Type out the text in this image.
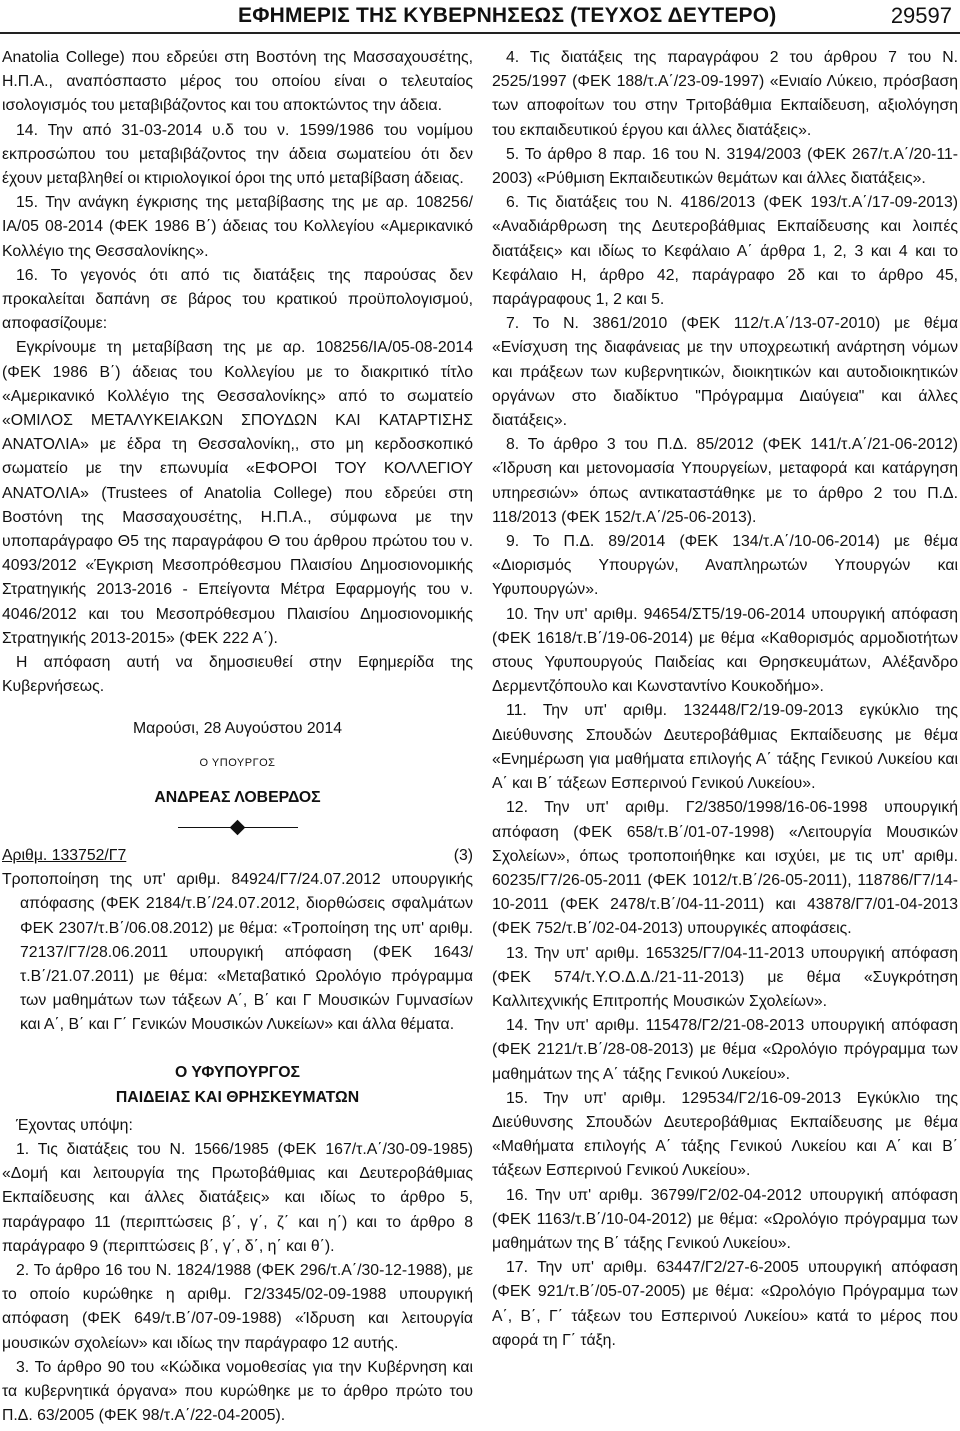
ΕΦΗΜΕΡΙΣ ΤΗΣ ΚΥΒΕΡΝΗΣΕΩΣ (ΤΕΥΧΟΣ ΔΕΥΤΕΡΟ)	29597

Anatolia College) που εδρεύει στη Βοστόνη της Μασσαχουσέτης, Η.Π.Α., αναπόσπαστο μέρος του οποίου είναι ο τελευταίος ισολογισμός του μεταβιβάζοντος και του αποκτώντος την άδεια.

14. Την από 31-03-2014 υ.δ του ν. 1599/1986 του νομίμου εκπροσώπου του μεταβιβάζοντος την άδεια σωματείου ότι δεν έχουν μεταβληθεί οι κτιριολογικοί όροι της υπό μεταβίβαση άδειας.

15. Την ανάγκη έγκρισης της μεταβίβασης της με αρ. 108256/ΙΑ/05 08-2014 (ΦΕΚ 1986 Β΄) άδειας του Κολλεγίου «Αμερικανικό Κολλέγιο της Θεσσαλονίκης».

16. Το γεγονός ότι από τις διατάξεις της παρούσας δεν προκαλείται δαπάνη σε βάρος του κρατικού προϋπολογισμού, αποφασίζουμε:

Εγκρίνουμε τη μεταβίβαση της με αρ. 108256/ΙΑ/05-08-2014 (ΦΕΚ 1986 Β΄) άδειας του Κολλεγίου με το διακριτικό τίτλο «Αμερικανικό Κολλέγιο της Θεσσαλονίκης» από το σωματείο «ΟΜΙΛΟΣ ΜΕΤΑΛΥΚΕΙΑΚΩΝ ΣΠΟΥΔΩΝ ΚΑΙ ΚΑΤΑΡΤΙΣΗΣ ΑΝΑΤΟΛΙΑ» με έδρα τη Θεσσαλονίκη,, στο μη κερδοσκοπικό σωματείο με την επωνυμία «ΕΦΟΡΟΙ ΤΟΥ ΚΟΛΛΕΓΙΟΥ ΑΝΑΤΟΛΙΑ» (Trustees of Anatolia College) που εδρεύει στη Βοστόνη της Μασσαχουσέτης, Η.Π.Α., σύμφωνα με την υποπαράγραφο Θ5 της παραγράφου Θ του άρθρου πρώτου του ν. 4093/2012 «Έγκριση Μεσοπρόθεσμου Πλαισίου Δημοσιονομικής Στρατηγικής 2013-2016 - Επείγοντα Μέτρα Εφαρμογής του ν. 4046/2012 και του Μεσοπρόθεσμου Πλαισίου Δημοσιονομικής Στρατηγικής 2013-2015» (ΦΕΚ 222 Α΄).

Η απόφαση αυτή να δημοσιευθεί στην Εφημερίδα της Κυβερνήσεως.

Μαρούσι, 28 Αυγούστου 2014

Ο ΥΠΟΥΡΓΟΣ

ΑΝΔΡΕΑΣ ΛΟΒΕΡΔΟΣ

Αριθμ. 133752/Γ7	(3)

Τροποποίηση της υπ' αριθμ. 84924/Γ7/24.07.2012 υπουργικής απόφασης (ΦΕΚ 2184/τ.Β΄/24.07.2012, διορθώσεις σφαλμάτων ΦΕΚ 2307/τ.Β΄/06.08.2012) με θέμα: «Τροποίηση της υπ' αριθμ. 72137/Γ7/28.06.2011 υπουργική απόφαση (ΦΕΚ 1643/τ.Β΄/21.07.2011) με θέμα: «Μεταβατικό Ωρολόγιο πρόγραμμα των μαθημάτων των τάξεων Α΄, Β΄ και Γ Μουσικών Γυμνασίων και Α΄, Β΄ και Γ΄ Γενικών Μουσικών Λυκείων» και άλλα θέματα.

Ο ΥΦΥΠΟΥΡΓΟΣ

ΠΑΙΔΕΙΑΣ ΚΑΙ ΘΡΗΣΚΕΥΜΑΤΩΝ

Έχοντας υπόψη:

1. Τις διατάξεις του Ν. 1566/1985 (ΦΕΚ 167/τ.Α΄/30-09-1985) «Δομή και λειτουργία της Πρωτοβάθμιας και Δευτεροβάθμιας Εκπαίδευσης και άλλες διατάξεις» και ιδίως το άρθρο 5, παράγραφο 11 (περιπτώσεις β΄, γ΄, ζ΄ και η΄) και το άρθρο 8 παράγραφο 9 (περιπτώσεις β΄, γ΄, δ΄, η΄ και θ΄).

2. Το άρθρο 16 του Ν. 1824/1988 (ΦΕΚ 296/τ.Α΄/30-12-1988), με το οποίο κυρώθηκε η αριθμ. Γ2/3345/02-09-1988 υπουργική απόφαση (ΦΕΚ 649/τ.Β΄/07-09-1988) «Ίδρυση και λειτουργία μουσικών σχολείων» και ιδίως την παράγραφο 12 αυτής.

3. Το άρθρο 90 του «Κώδικα νομοθεσίας για την Κυβέρνηση και τα κυβερνητικά όργανα» που κυρώθηκε με το άρθρο πρώτο του Π.Δ. 63/2005 (ΦΕΚ 98/τ.Α΄/22-04-2005).

4. Τις διατάξεις της παραγράφου 2 του άρθρου 7 του Ν. 2525/1997 (ΦΕΚ 188/τ.Α΄/23-09-1997) «Ενιαίο Λύκειο, πρόσβαση των αποφοίτων του στην Τριτοβάθμια Εκπαίδευση, αξιολόγηση του εκπαιδευτικού έργου και άλλες διατάξεις».

5. Το άρθρο 8 παρ. 16 του Ν. 3194/2003 (ΦΕΚ 267/τ.Α΄/20-11-2003) «Ρύθμιση Εκπαιδευτικών θεμάτων και άλλες διατάξεις».

6. Τις διατάξεις του Ν. 4186/2013 (ΦΕΚ 193/τ.Α΄/17-09-2013) «Αναδιάρθρωση της Δευτεροβάθμιας Εκπαίδευσης και λοιπές διατάξεις» και ιδίως το Κεφάλαιο Α΄ άρθρα 1, 2, 3 και 4 και το Κεφάλαιο Η, άρθρο 42, παράγραφο 2δ και το άρθρο 45, παράγραφους 1, 2 και 5.

7. Το Ν. 3861/2010 (ΦΕΚ 112/τ.Α΄/13-07-2010) με θέμα «Ενίσχυση της διαφάνειας με την υποχρεωτική ανάρτηση νόμων και πράξεων των κυβερνητικών, διοικητικών και αυτοδιοικητικών οργάνων στο διαδίκτυο "Πρόγραμμα Διαύγεια" και άλλες διατάξεις».

8. Το άρθρο 3 του Π.Δ. 85/2012 (ΦΕΚ 141/τ.Α΄/21-06-2012) «Ίδρυση και μετονομασία Υπουργείων, μεταφορά και κατάργηση υπηρεσιών» όπως αντικαταστάθηκε με το άρθρο 2 του Π.Δ. 118/2013 (ΦΕΚ 152/τ.Α΄/25-06-2013).

9. Το Π.Δ. 89/2014 (ΦΕΚ 134/τ.Α΄/10-06-2014) με θέμα «Διορισμός Υπουργών, Αναπληρωτών Υπουργών και Υφυπουργών».

10. Την υπ' αριθμ. 94654/ΣΤ5/19-06-2014 υπουργική απόφαση (ΦΕΚ 1618/τ.Β΄/19-06-2014) με θέμα «Καθορισμός αρμοδιοτήτων στους Υφυπουργούς Παιδείας και Θρησκευμάτων, Αλέξανδρο Δερμεντζόπουλο και Κωνσταντίνο Κουκοδήμο».

11. Την υπ' αριθμ. 132448/Γ2/19-09-2013 εγκύκλιο της Διεύθυνσης Σπουδών Δευτεροβάθμιας Εκπαίδευσης με θέμα «Ενημέρωση για μαθήματα επιλογής Α΄ τάξης Γενικού Λυκείου και Α΄ και Β΄ τάξεων Εσπερινού Γενικού Λυκείου».

12. Την υπ' αριθμ. Γ2/3850/1998/16-06-1998 υπουργική απόφαση (ΦΕΚ 658/τ.Β΄/01-07-1998) «Λειτουργία Μουσικών Σχολείων», όπως τροποποιήθηκε και ισχύει, με τις υπ' αριθμ. 60235/Γ7/26-05-2011 (ΦΕΚ 1012/τ.Β΄/26-05-2011), 118786/Γ7/14-10-2011 (ΦΕΚ 2478/τ.Β΄/04-11-2011) και 43878/Γ7/01-04-2013 (ΦΕΚ 752/τ.Β΄/02-04-2013) υπουργικές αποφάσεις.

13. Την υπ' αριθμ. 165325/Γ7/04-11-2013 υπουργική απόφαση (ΦΕΚ 574/τ.Υ.Ο.Δ.Δ./21-11-2013) με θέμα «Συγκρότηση Καλλιτεχνικής Επιτροπής Μουσικών Σχολείων».

14. Την υπ' αριθμ. 115478/Γ2/21-08-2013 υπουργική απόφαση (ΦΕΚ 2121/τ.Β΄/28-08-2013) με θέμα «Ωρολόγιο πρόγραμμα των μαθημάτων της Α΄ τάξης Γενικού Λυκείου».

15. Την υπ' αριθμ. 129534/Γ2/16-09-2013 Εγκύκλιο της Διεύθυνσης Σπουδών Δευτεροβάθμιας Εκπαίδευσης με θέμα «Μαθήματα επιλογής Α΄ τάξης Γενικού Λυκείου και Α΄ και Β΄ τάξεων Εσπερινού Γενικού Λυκείου».

16. Την υπ' αριθμ. 36799/Γ2/02-04-2012 υπουργική απόφαση (ΦΕΚ 1163/τ.Β΄/10-04-2012) με θέμα: «Ωρολόγιο πρόγραμμα των μαθημάτων της Β΄ τάξης Γενικού Λυκείου».

17. Την υπ' αριθμ. 63447/Γ2/27-6-2005 υπουργική απόφαση (ΦΕΚ 921/τ.Β΄/05-07-2005) με θέμα: «Ωρολόγιο Πρόγραμμα των Α΄, Β΄, Γ΄ τάξεων του Εσπερινού Λυκείου» κατά το μέρος που αφορά τη Γ΄ τάξη.
